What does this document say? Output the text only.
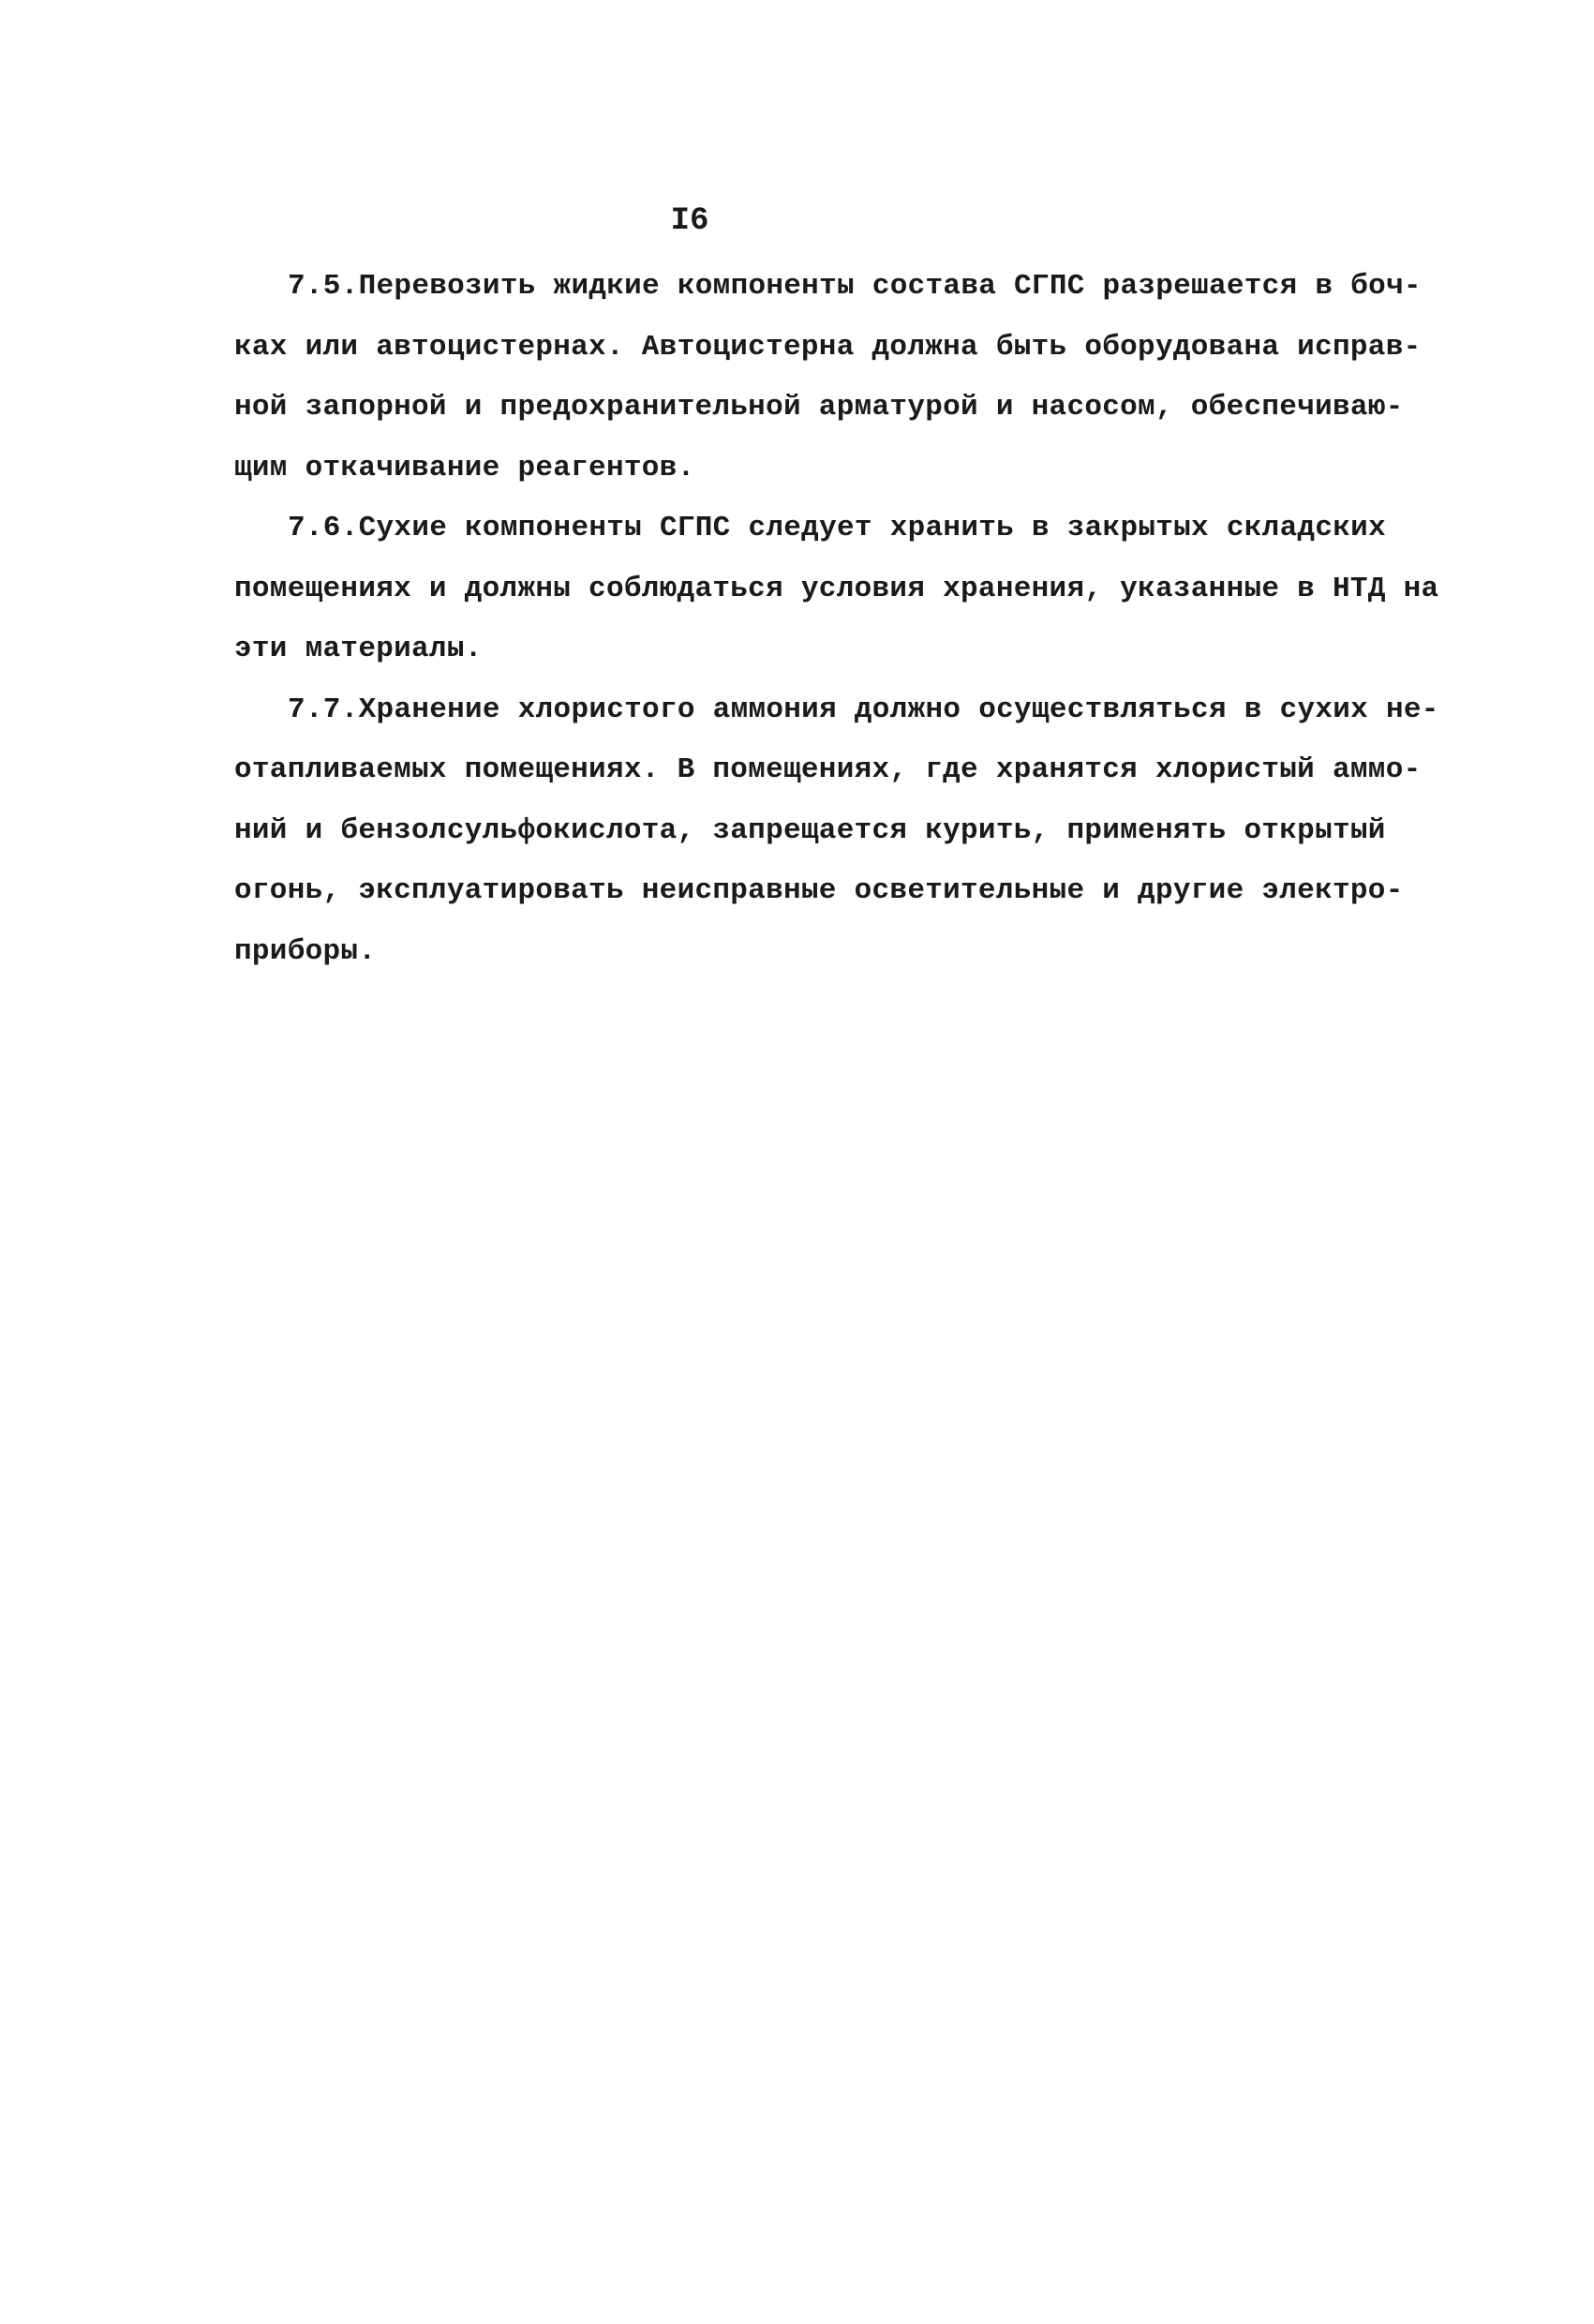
I6
7.5.Перевозить жидкие компоненты состава СГПС разрешается в боч-
ках или автоцистернах. Автоцистерна должна быть оборудована исправ-
ной запорной и предохранительной арматурой и насосом, обеспечиваю-
щим откачивание реагентов.
7.6.Сухие компоненты СГПС следует хранить в закрытых складских
помещениях и должны соблюдаться условия хранения, указанные в НТД на
эти материалы.
7.7.Хранение хлористого аммония должно осуществляться в сухих не-
отапливаемых помещениях. В помещениях, где хранятся хлористый аммо-
ний и бензолсульфокислота, запрещается курить, применять открытый
огонь, эксплуатировать неисправные осветительные и другие электро-
приборы.
